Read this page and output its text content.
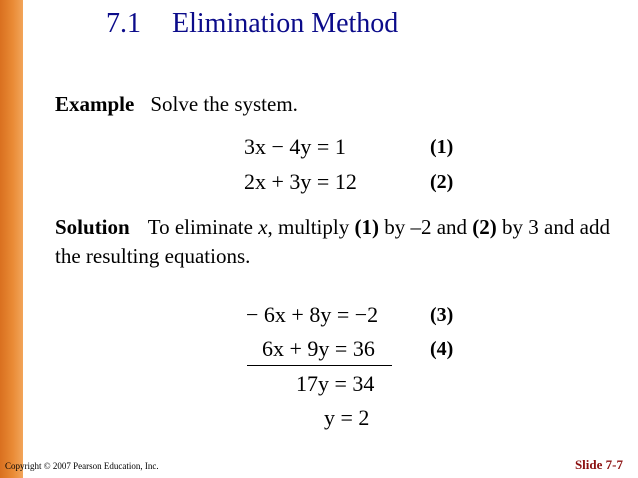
7.1 Elimination Method
Example Solve the system.
3x − 4y = 1	(1)
2x + 3y = 12	(2)
Solution To eliminate x, multiply (1) by –2 and (2) by 3 and add the resulting equations.
− 6x + 8y = −2	(3)
6x + 9y = 36	(4)
17y = 34
y = 2
Copyright © 2007 Pearson Education, Inc.	Slide 7-7
